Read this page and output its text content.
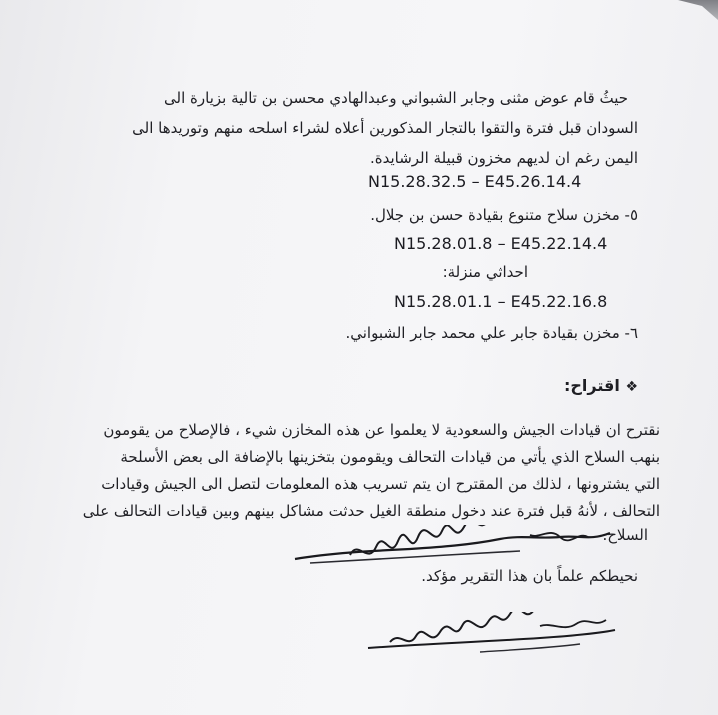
حيثُ قام عوض مثنى وجابر الشبواني وعبدالهادي محسن بن تالية بزيارة الى

السودان قبل فترة والتقوا بالتجار المذكورين أعلاه لشراء اسلحه منهم وتوريدها الى

اليمن رغم ان لديهم مخزون قبيلة الرشايدة.

N15.28.32.5 – E45.26.14.4

٥- مخزن سلاح متنوع بقيادة حسن بن جلال.

N15.28.01.8 – E45.22.14.4

احداثي منزلة:

N15.28.01.1 – E45.22.16.8

٦- مخزن بقيادة جابر علي محمد جابر الشبواني.

❖ اقتراح:

نقترح ان قيادات الجيش والسعودية لا يعلموا عن هذه المخازن شيء ، فالإصلاح من يقومون

بنهب السلاح الذي يأتي من قيادات التحالف ويقومون بتخزينها بالإضافة الى بعض الأسلحة

التي يشترونها ، لذلك من المقترح ان يتم تسريب هذه المعلومات لتصل الى الجيش وقيادات

التحالف ، لأنهُ قبل فترة عند دخول منطقة الغيل حدثت مشاكل بينهم وبين قيادات التحالف على

السلاح.

نحيطكم علماً بان هذا التقرير مؤكد.
